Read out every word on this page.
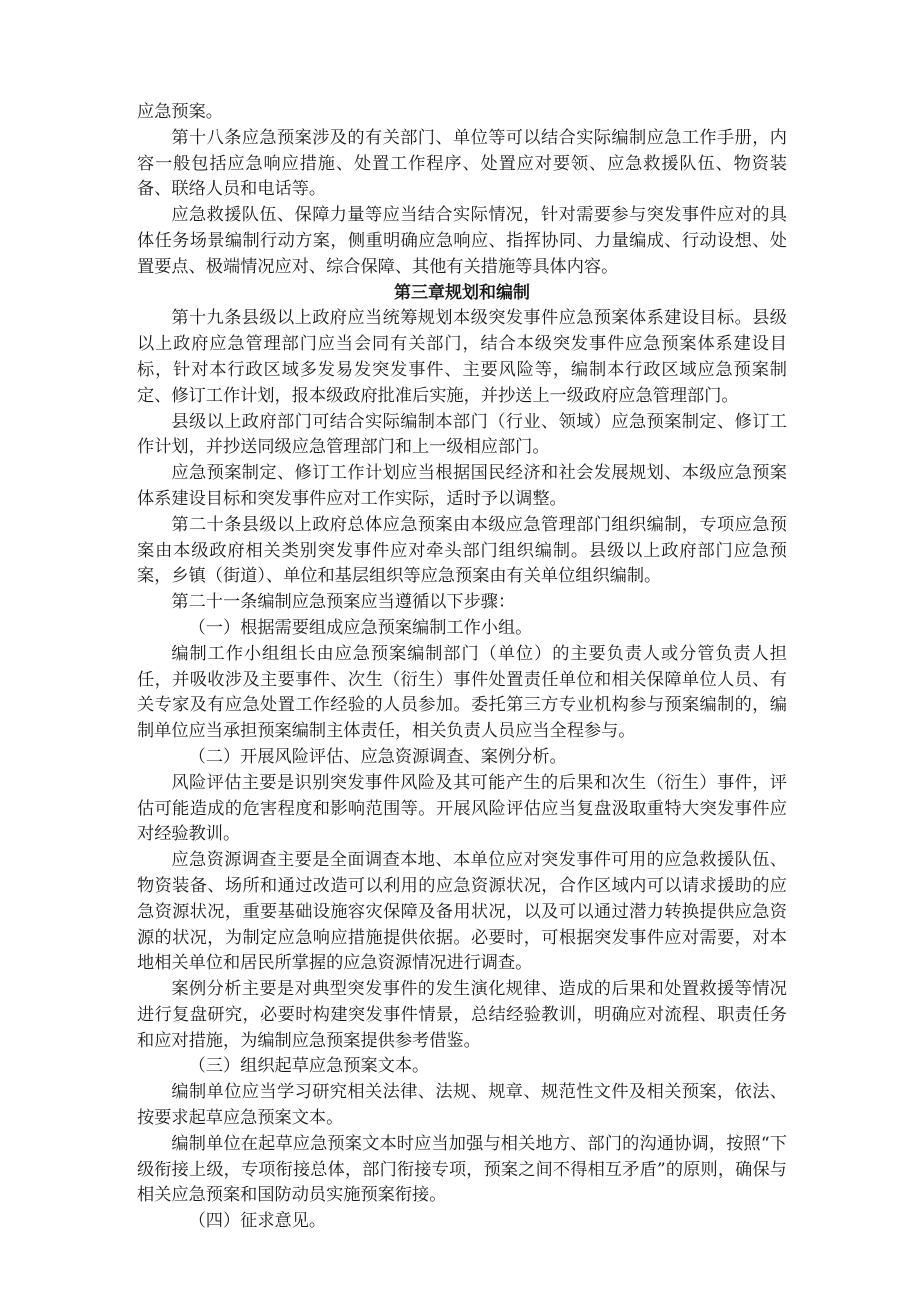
应急预案。

第十八条应急预案涉及的有关部门、单位等可以结合实际编制应急工作手册，内容一般包括应急响应措施、处置工作程序、处置应对要领、应急救援队伍、物资装备、联络人员和电话等。

应急救援队伍、保障力量等应当结合实际情况，针对需要参与突发事件应对的具体任务场景编制行动方案，侧重明确应急响应、指挥协同、力量编成、行动设想、处置要点、极端情况应对、综合保障、其他有关措施等具体内容。

第三章规划和编制

第十九条县级以上政府应当统筹规划本级突发事件应急预案体系建设目标。县级以上政府应急管理部门应当会同有关部门，结合本级突发事件应急预案体系建设目标，针对本行政区域多发易发突发事件、主要风险等，编制本行政区域应急预案制定、修订工作计划，报本级政府批准后实施，并抄送上一级政府应急管理部门。

县级以上政府部门可结合实际编制本部门（行业、领域）应急预案制定、修订工作计划，并抄送同级应急管理部门和上一级相应部门。

应急预案制定、修订工作计划应当根据国民经济和社会发展规划、本级应急预案体系建设目标和突发事件应对工作实际，适时予以调整。

第二十条县级以上政府总体应急预案由本级应急管理部门组织编制，专项应急预案由本级政府相关类别突发事件应对牵头部门组织编制。县级以上政府部门应急预案，乡镇（街道）、单位和基层组织等应急预案由有关单位组织编制。

第二十一条编制应急预案应当遵循以下步骤：

（一）根据需要组成应急预案编制工作小组。

编制工作小组组长由应急预案编制部门（单位）的主要负责人或分管负责人担任，并吸收涉及主要事件、次生（衍生）事件处置责任单位和相关保障单位人员、有关专家及有应急处置工作经验的人员参加。委托第三方专业机构参与预案编制的，编制单位应当承担预案编制主体责任，相关负责人员应当全程参与。

（二）开展风险评估、应急资源调查、案例分析。

风险评估主要是识别突发事件风险及其可能产生的后果和次生（衍生）事件，评估可能造成的危害程度和影响范围等。开展风险评估应当复盘汲取重特大突发事件应对经验教训。

应急资源调查主要是全面调查本地、本单位应对突发事件可用的应急救援队伍、物资装备、场所和通过改造可以利用的应急资源状况，合作区域内可以请求援助的应急资源状况，重要基础设施容灾保障及备用状况，以及可以通过潜力转换提供应急资源的状况，为制定应急响应措施提供依据。必要时，可根据突发事件应对需要，对本地相关单位和居民所掌握的应急资源情况进行调查。

案例分析主要是对典型突发事件的发生演化规律、造成的后果和处置救援等情况进行复盘研究，必要时构建突发事件情景，总结经验教训，明确应对流程、职责任务和应对措施，为编制应急预案提供参考借鉴。

（三）组织起草应急预案文本。

编制单位应当学习研究相关法律、法规、规章、规范性文件及相关预案，依法、按要求起草应急预案文本。

编制单位在起草应急预案文本时应当加强与相关地方、部门的沟通协调，按照“下级衔接上级，专项衔接总体，部门衔接专项，预案之间不得相互矛盾”的原则，确保与相关应急预案和国防动员实施预案衔接。

（四）征求意见。
